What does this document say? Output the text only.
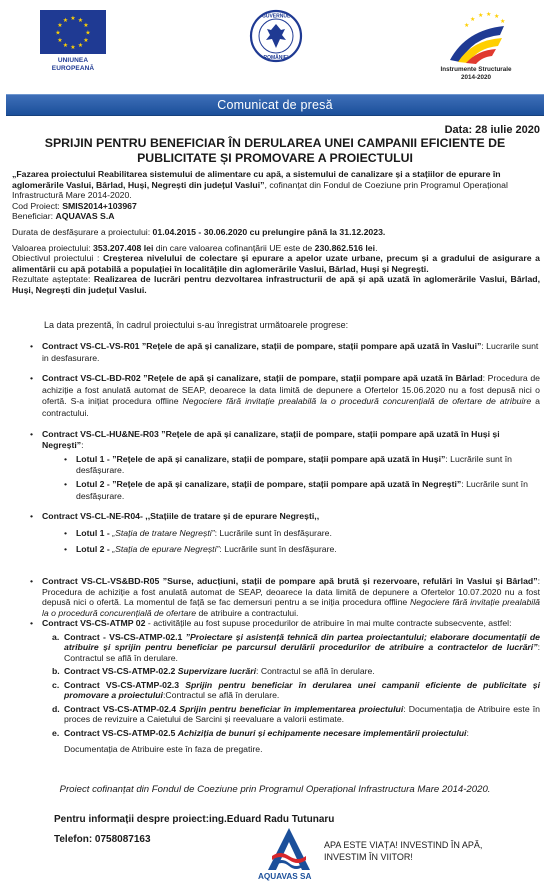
★ ★
★
★
★
★
★
★
★
★
★
★
UNIUNEA EUROPEANĂ
GUVERNUL
ROMÂNIEI
★
★ ★ ★
★
★
Instrumente Structurale
2014-2020
Comunicat de presă
Data: 28 iulie 2020
SPRIJIN PENTRU BENEFICIAR ÎN DERULAREA UNEI CAMPANII EFICIENTE DE
PUBLICITATE ȘI PROMOVARE A PROIECTULUI

„Fazarea proiectului Reabilitarea sistemului de alimentare cu apă, a sistemului de canalizare și a stațiilor de epurare în aglomerările Vaslui, Bârlad, Huși, Negrești din județul Vaslui”, cofinanțat din Fondul de Coeziune prin Programul Operațional Infrastructură Mare 2014-2020.

Cod Proiect: SMIS2014+103967

Beneficiar: AQUAVAS S.A

Durata de desfășurare a proiectului: 01.04.2015 - 30.06.2020 cu prelungire până la 31.12.2023.

Valoarea proiectului: 353.207.408 lei din care valoarea cofinanțării UE este de 230.862.516 lei.

Obiectivul proiectului : Creșterea nivelului de colectare și epurare a apelor uzate urbane, precum și a gradului de asigurare a alimentării cu apă potabilă a populației în localitățile din aglomerările Vaslui, Bârlad, Huși și Negrești.

Rezultate așteptate: Realizarea de lucrări pentru dezvoltarea infrastructurii de apă și apă uzată în aglomerările Vaslui, Bârlad, Huși, Negrești din județul Vaslui.

La data prezentă, în cadrul proiectului s-au înregistrat următoarele progrese:
• Contract VS-CL-VS-R01 ”Rețele de apă și canalizare, stații de pompare, stații pompare apă uzată în Vaslui”: Lucrarile sunt in desfasurare.
• Contract VS-CL-BD-R02 ”Rețele de apă și canalizare, stații de pompare, stații pompare apă uzată în Bârlad: Procedura de achiziție a fost anulată automat de SEAP, deoarece la data limită de depunere a Ofertelor 15.06.2020 nu a fost depusă nici o ofertă. S-a inițiat procedura offline Negociere fără invitație prealabilă la o procedură concurențială de ofertare de atribuire a contractului.
• Contract VS-CL-HU&NE-R03 ”Rețele de apă și canalizare, stații de pompare, stații pompare apă uzată în Huși și Negrești”:
• Lotul 1 - ”Rețele de apă și canalizare, stații de pompare, stații pompare apă uzată în Huși”: Lucrările sunt în desfășurare.
• Lotul 2 - ”Rețele de apă și canalizare, stații de pompare, stații pompare apă uzată în Negrești”: Lucrările sunt în desfășurare.
• Contract VS-CL-NE-R04- ,,Stațiile de tratare și de epurare Negrești,,
• Lotul 1 - „Stația de tratare Negrești”: Lucrările sunt în desfășurare.
• Lotul 2 - „Stația de epurare Negrești”: Lucrările sunt în desfășurare.
• Contract VS-CL-VS&BD-R05 ”Surse, aducțiuni, stații de pompare apă brută și rezervoare, refulări în Vaslui și Bârlad”: Procedura de achiziție a fost anulată automat de SEAP, deoarece la data limită de depunere a Ofertelor 10.07.2020 nu a fost depusă nici o ofertă. La momentul de față se fac demersuri pentru a se iniția procedura offline Negociere fără invitație prealabilă la o procedură concurențială de ofertare de atribuire a contractului.
• Contract VS-CS-ATMP 02 - activitățile au fost supuse procedurilor de atribuire în mai multe contracte subsecvente, astfel:
a. Contract - VS-CS-ATMP-02.1 ”Proiectare și asistență tehnică din partea proiectantului; elaborare documentații de atribuire și sprijin pentru beneficiar pe parcursul derulării procedurilor de atribuire a contractelor de lucrări”: Contractul se află în derulare.
b. Contract VS-CS-ATMP-02.2 Supervizare lucrări: Contractul se află în derulare.
c. Contract VS-CS-ATMP-02.3 Sprijin pentru beneficiar în derularea unei campanii eficiente de publicitate și promovare a proiectului:Contractul se află în derulare.
d. Contract VS-CS-ATMP-02.4 Sprijin pentru beneficiar în implementarea proiectului: Documentația de Atribuire este în proces de revizuire a Caietului de Sarcini și reevaluare a valorii estimate.
e. Contract VS-CS-ATMP-02.5 Achiziția de bunuri și echipamente necesare implementării proiectului:
Documentația de Atribuire este în faza de pregatire.
Proiect cofinanțat din Fondul de Coeziune prin Programul Operațional Infrastructura Mare 2014-2020.
Pentru informații despre proiect:ing.Eduard Radu Tutunaru
Telefon: 0758087163
AQUAVAS SA
APA ESTE VIAȚA! INVESTIND ÎN APĂ,
INVESTIM ÎN VIITOR!
